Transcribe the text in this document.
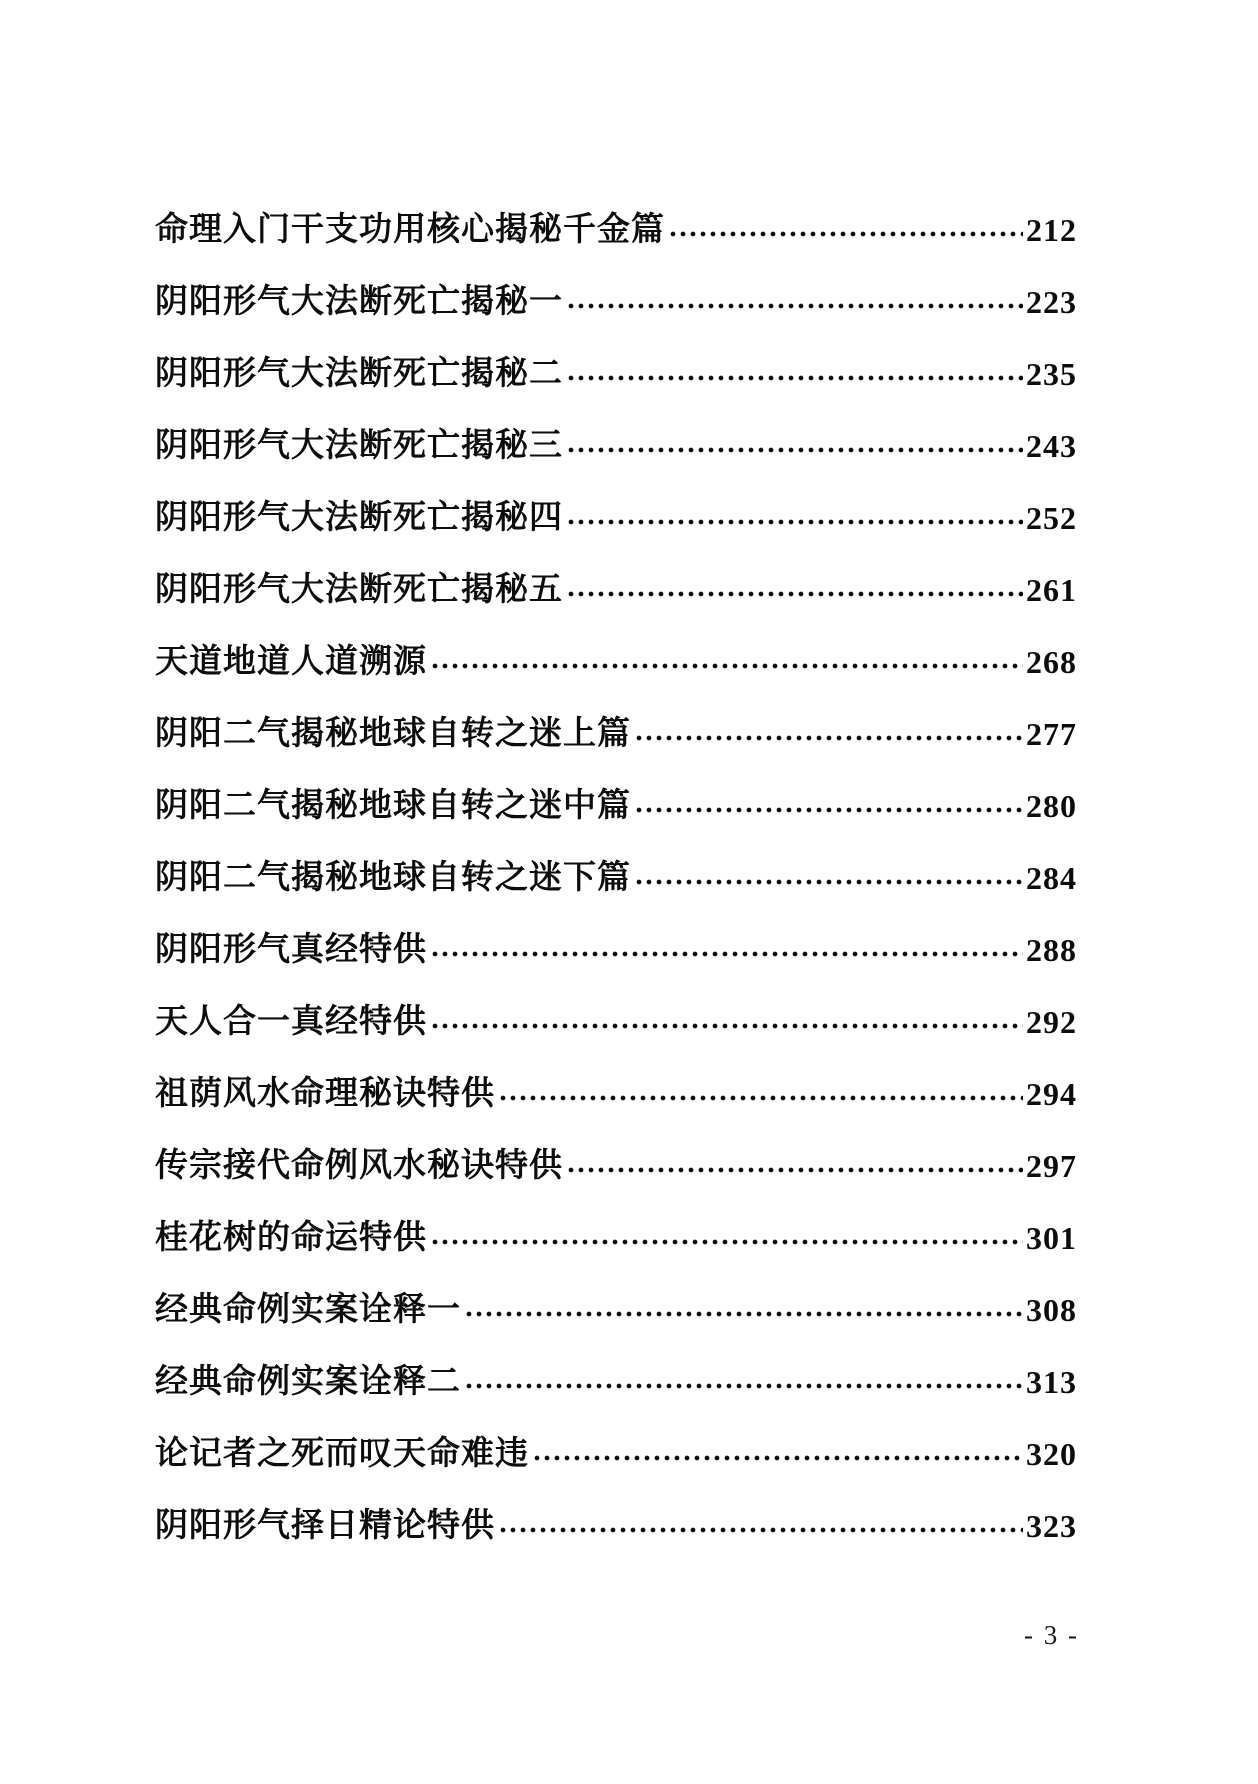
命理入门干支功用核心揭秘千金篇	212
阴阳形气大法断死亡揭秘一	223
阴阳形气大法断死亡揭秘二	235
阴阳形气大法断死亡揭秘三	243
阴阳形气大法断死亡揭秘四	252
阴阳形气大法断死亡揭秘五	261
天道地道人道溯源	268
阴阳二气揭秘地球自转之迷上篇	277
阴阳二气揭秘地球自转之迷中篇	280
阴阳二气揭秘地球自转之迷下篇	284
阴阳形气真经特供	288
天人合一真经特供	292
祖荫风水命理秘诀特供	294
传宗接代命例风水秘诀特供	297
桂花树的命运特供	301
经典命例实案诠释一	308
经典命例实案诠释二	313
论记者之死而叹天命难违	320
阴阳形气择日精论特供	323
- 3 -
